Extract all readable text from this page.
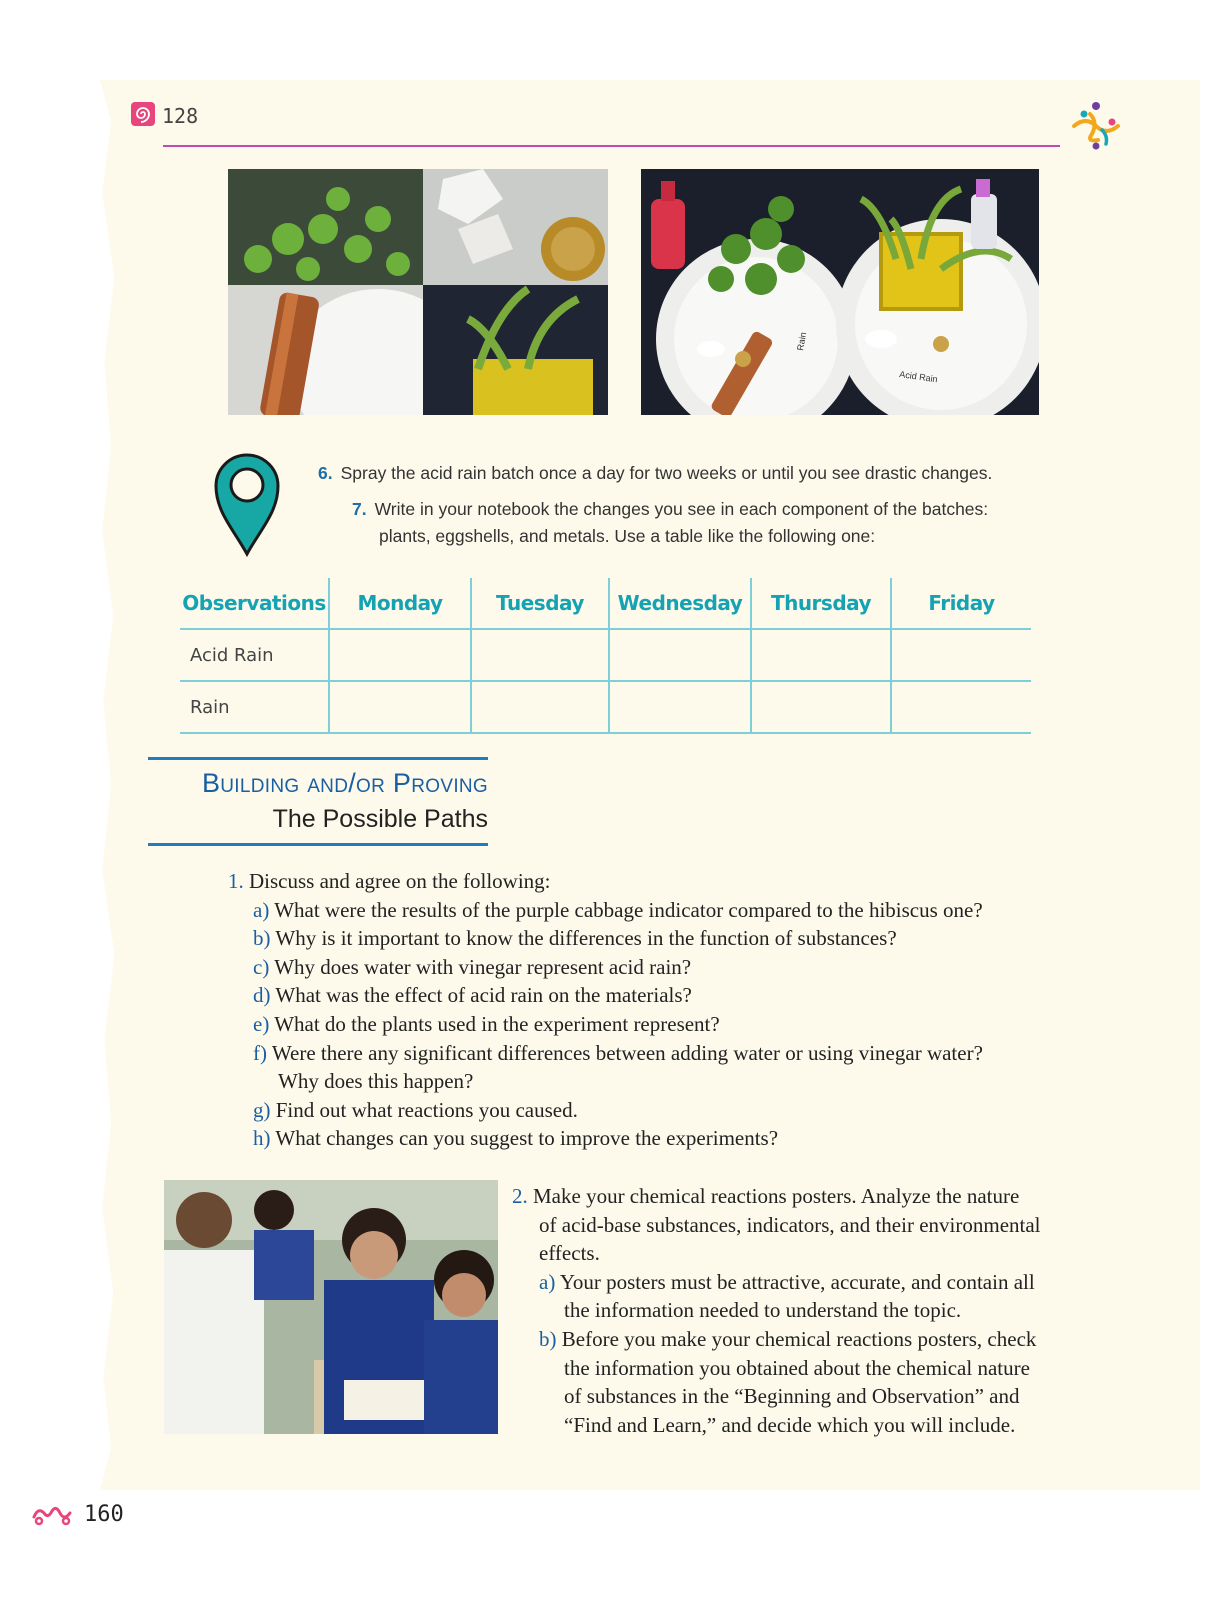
128
Rain
Acid Rain
6. Spray the acid rain batch once a day for two weeks or until you see drastic changes.
7. Write in your notebook the changes you see in each component of the batches:
plants, eggshells, and metals. Use a table like the following one:
Observations	Monday	Tuesday	Wednesday	Thursday	Friday
Acid Rain					
Rain					
Building and/or Proving
The Possible Paths
1. Discuss and agree on the following:
a) What were the results of the purple cabbage indicator compared to the hibiscus one?
b) Why is it important to know the differences in the function of substances?
c) Why does water with vinegar represent acid rain?
d) What was the effect of acid rain on the materials?
e) What do the plants used in the experiment represent?
f) Were there any significant differences between adding water or using vinegar water?
Why does this happen?
g) Find out what reactions you caused.
h) What changes can you suggest to improve the experiments?
2. Make your chemical reactions posters. Analyze the nature
of acid-base substances, indicators, and their environmental
effects.
a) Your posters must be attractive, accurate, and contain all
the information needed to understand the topic.
b) Before you make your chemical reactions posters, check
the information you obtained about the chemical nature
of substances in the “Beginning and Observation” and
“Find and Learn,” and decide which you will include.
160
